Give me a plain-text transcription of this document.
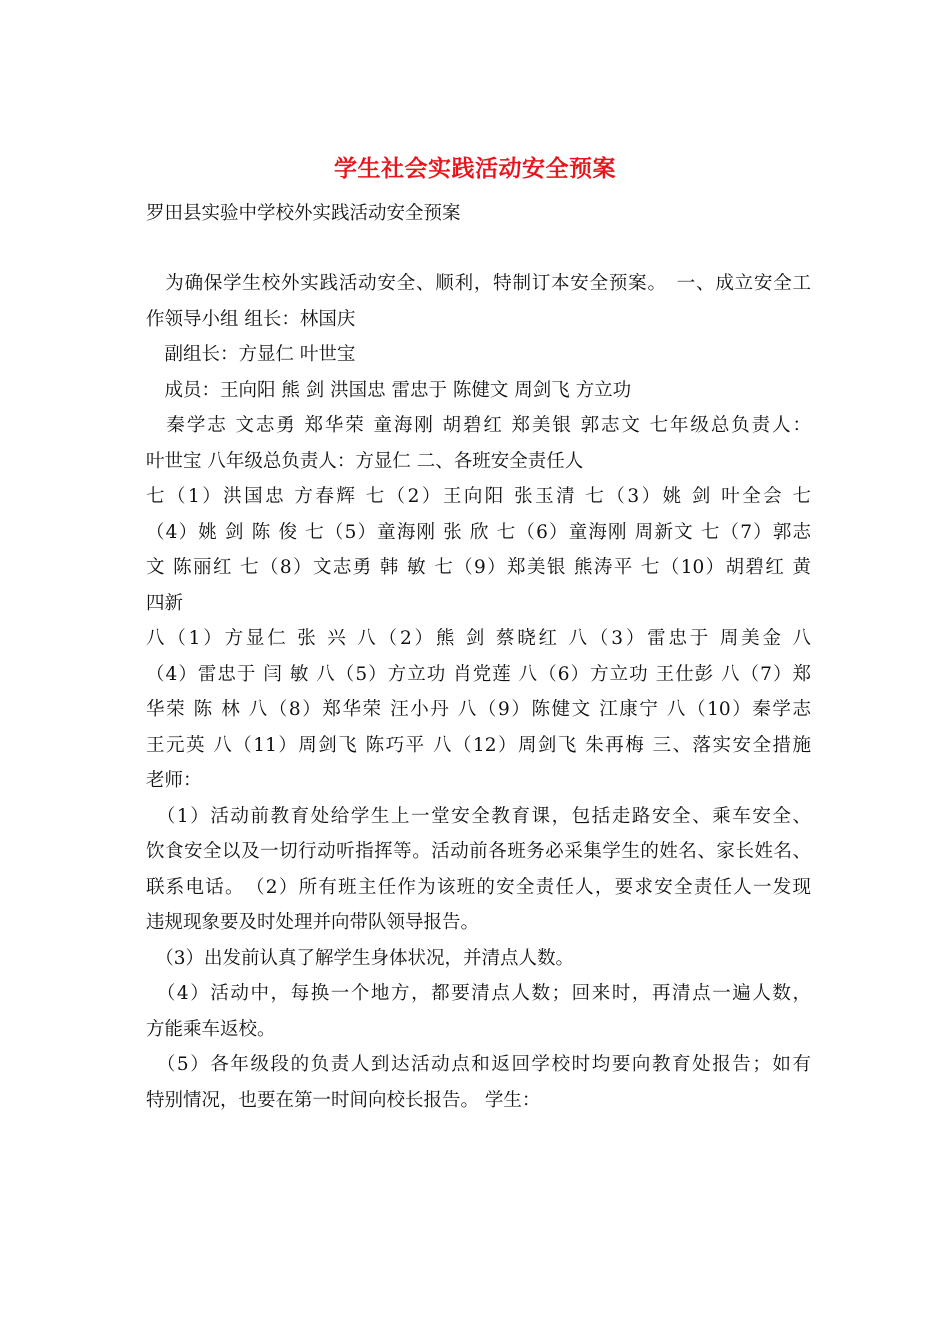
学生社会实践活动安全预案
罗田县实验中学校外实践活动安全预案
　为确保学生校外实践活动安全、顺利，特制订本安全预案。　一、成立安全工
作领导小组 组长：林国庆
　副组长：方显仁 叶世宝
　成员：王向阳 熊 剑 洪国忠 雷忠于 陈健文 周剑飞 方立功
　秦学志 文志勇 郑华荣 童海刚 胡碧红 郑美银 郭志文 七年级总负责人：
叶世宝 八年级总负责人：方显仁 二、各班安全责任人
七（1）洪国忠 方春辉 七（2）王向阳 张玉清 七（3）姚 剑 叶全会 七
（4）姚 剑 陈 俊 七（5）童海刚 张 欣 七（6）童海刚 周新文 七（7）郭志
文 陈丽红 七（8）文志勇 韩 敏 七（9）郑美银 熊涛平 七（10）胡碧红 黄
四新
八（1）方显仁 张 兴 八（2）熊 剑 蔡晓红 八（3）雷忠于 周美金 八
（4）雷忠于 闫 敏 八（5）方立功 肖党莲 八（6）方立功 王仕彭 八（7）郑
华荣 陈 林 八（8）郑华荣 汪小丹 八（9）陈健文 江康宁 八（10）秦学志
王元英 八（11）周剑飞 陈巧平 八（12）周剑飞 朱再梅 三、落实安全措施
老师：
　（1）活动前教育处给学生上一堂安全教育课，包括走路安全、乘车安全、
饮食安全以及一切行动听指挥等。活动前各班务必采集学生的姓名、家长姓名、
联系电话。　（2）所有班主任作为该班的安全责任人，要求安全责任人一发现
违规现象要及时处理并向带队领导报告。
　（3）出发前认真了解学生身体状况，并清点人数。
　（4）活动中，每换一个地方，都要清点人数；回来时，再清点一遍人数，
方能乘车返校。
　（5）各年级段的负责人到达活动点和返回学校时均要向教育处报告；如有
特别情况，也要在第一时间向校长报告。 学生：
